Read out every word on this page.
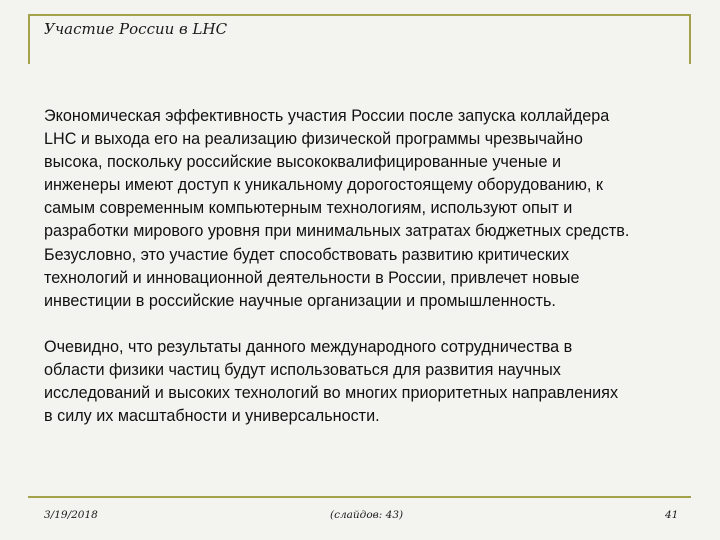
Участие России в LHC

Экономическая эффективность участия России после запуска коллайдера

LHC и выхода его на реализацию физической программы чрезвычайно

высока, поскольку российские высококвалифицированные ученые и

инженеры имеют доступ к уникальному дорогостоящему оборудованию, к

самым современным компьютерным технологиям, используют опыт и

разработки мирового уровня при минимальных затратах бюджетных средств.

Безусловно, это участие будет способствовать развитию критических

технологий и инновационной деятельности в России, привлечет новые

инвестиции в российские научные организации и промышленность.

Очевидно, что результаты данного международного сотрудничества в

области физики частиц будут использоваться для развития научных

исследований и высоких технологий во многих приоритетных направлениях

в силу их масштабности и универсальности.

3/19/2018	(слайдов: 43)	41
